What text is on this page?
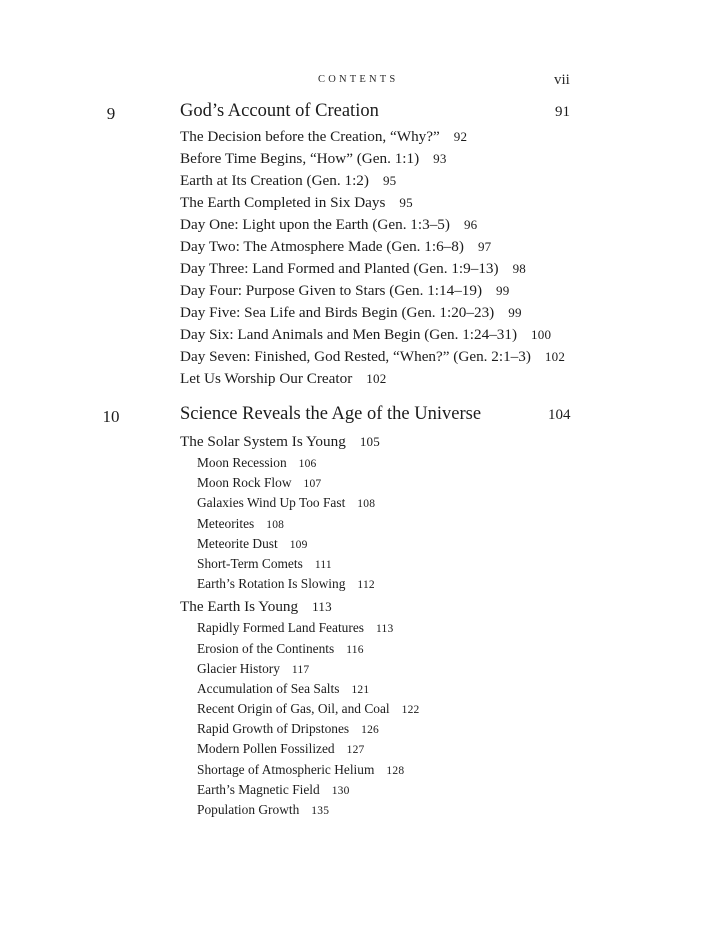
CONTENTS	vii
9	God’s Account of Creation	91
The Decision before the Creation, “Why?” 92
Before Time Begins, “How” (Gen. 1:1) 93
Earth at Its Creation (Gen. 1:2) 95
The Earth Completed in Six Days 95
Day One: Light upon the Earth (Gen. 1:3–5) 96
Day Two: The Atmosphere Made (Gen. 1:6–8) 97
Day Three: Land Formed and Planted (Gen. 1:9–13) 98
Day Four: Purpose Given to Stars (Gen. 1:14–19) 99
Day Five: Sea Life and Birds Begin (Gen. 1:20–23) 99
Day Six: Land Animals and Men Begin (Gen. 1:24–31) 100
Day Seven: Finished, God Rested, “When?” (Gen. 2:1–3) 102
Let Us Worship Our Creator 102
10	Science Reveals the Age of the Universe	104
The Solar System Is Young 105
Moon Recession 106
Moon Rock Flow 107
Galaxies Wind Up Too Fast 108
Meteorites 108
Meteorite Dust 109
Short-Term Comets 111
Earth’s Rotation Is Slowing 112
The Earth Is Young 113
Rapidly Formed Land Features 113
Erosion of the Continents 116
Glacier History 117
Accumulation of Sea Salts 121
Recent Origin of Gas, Oil, and Coal 122
Rapid Growth of Dripstones 126
Modern Pollen Fossilized 127
Shortage of Atmospheric Helium 128
Earth’s Magnetic Field 130
Population Growth 135
